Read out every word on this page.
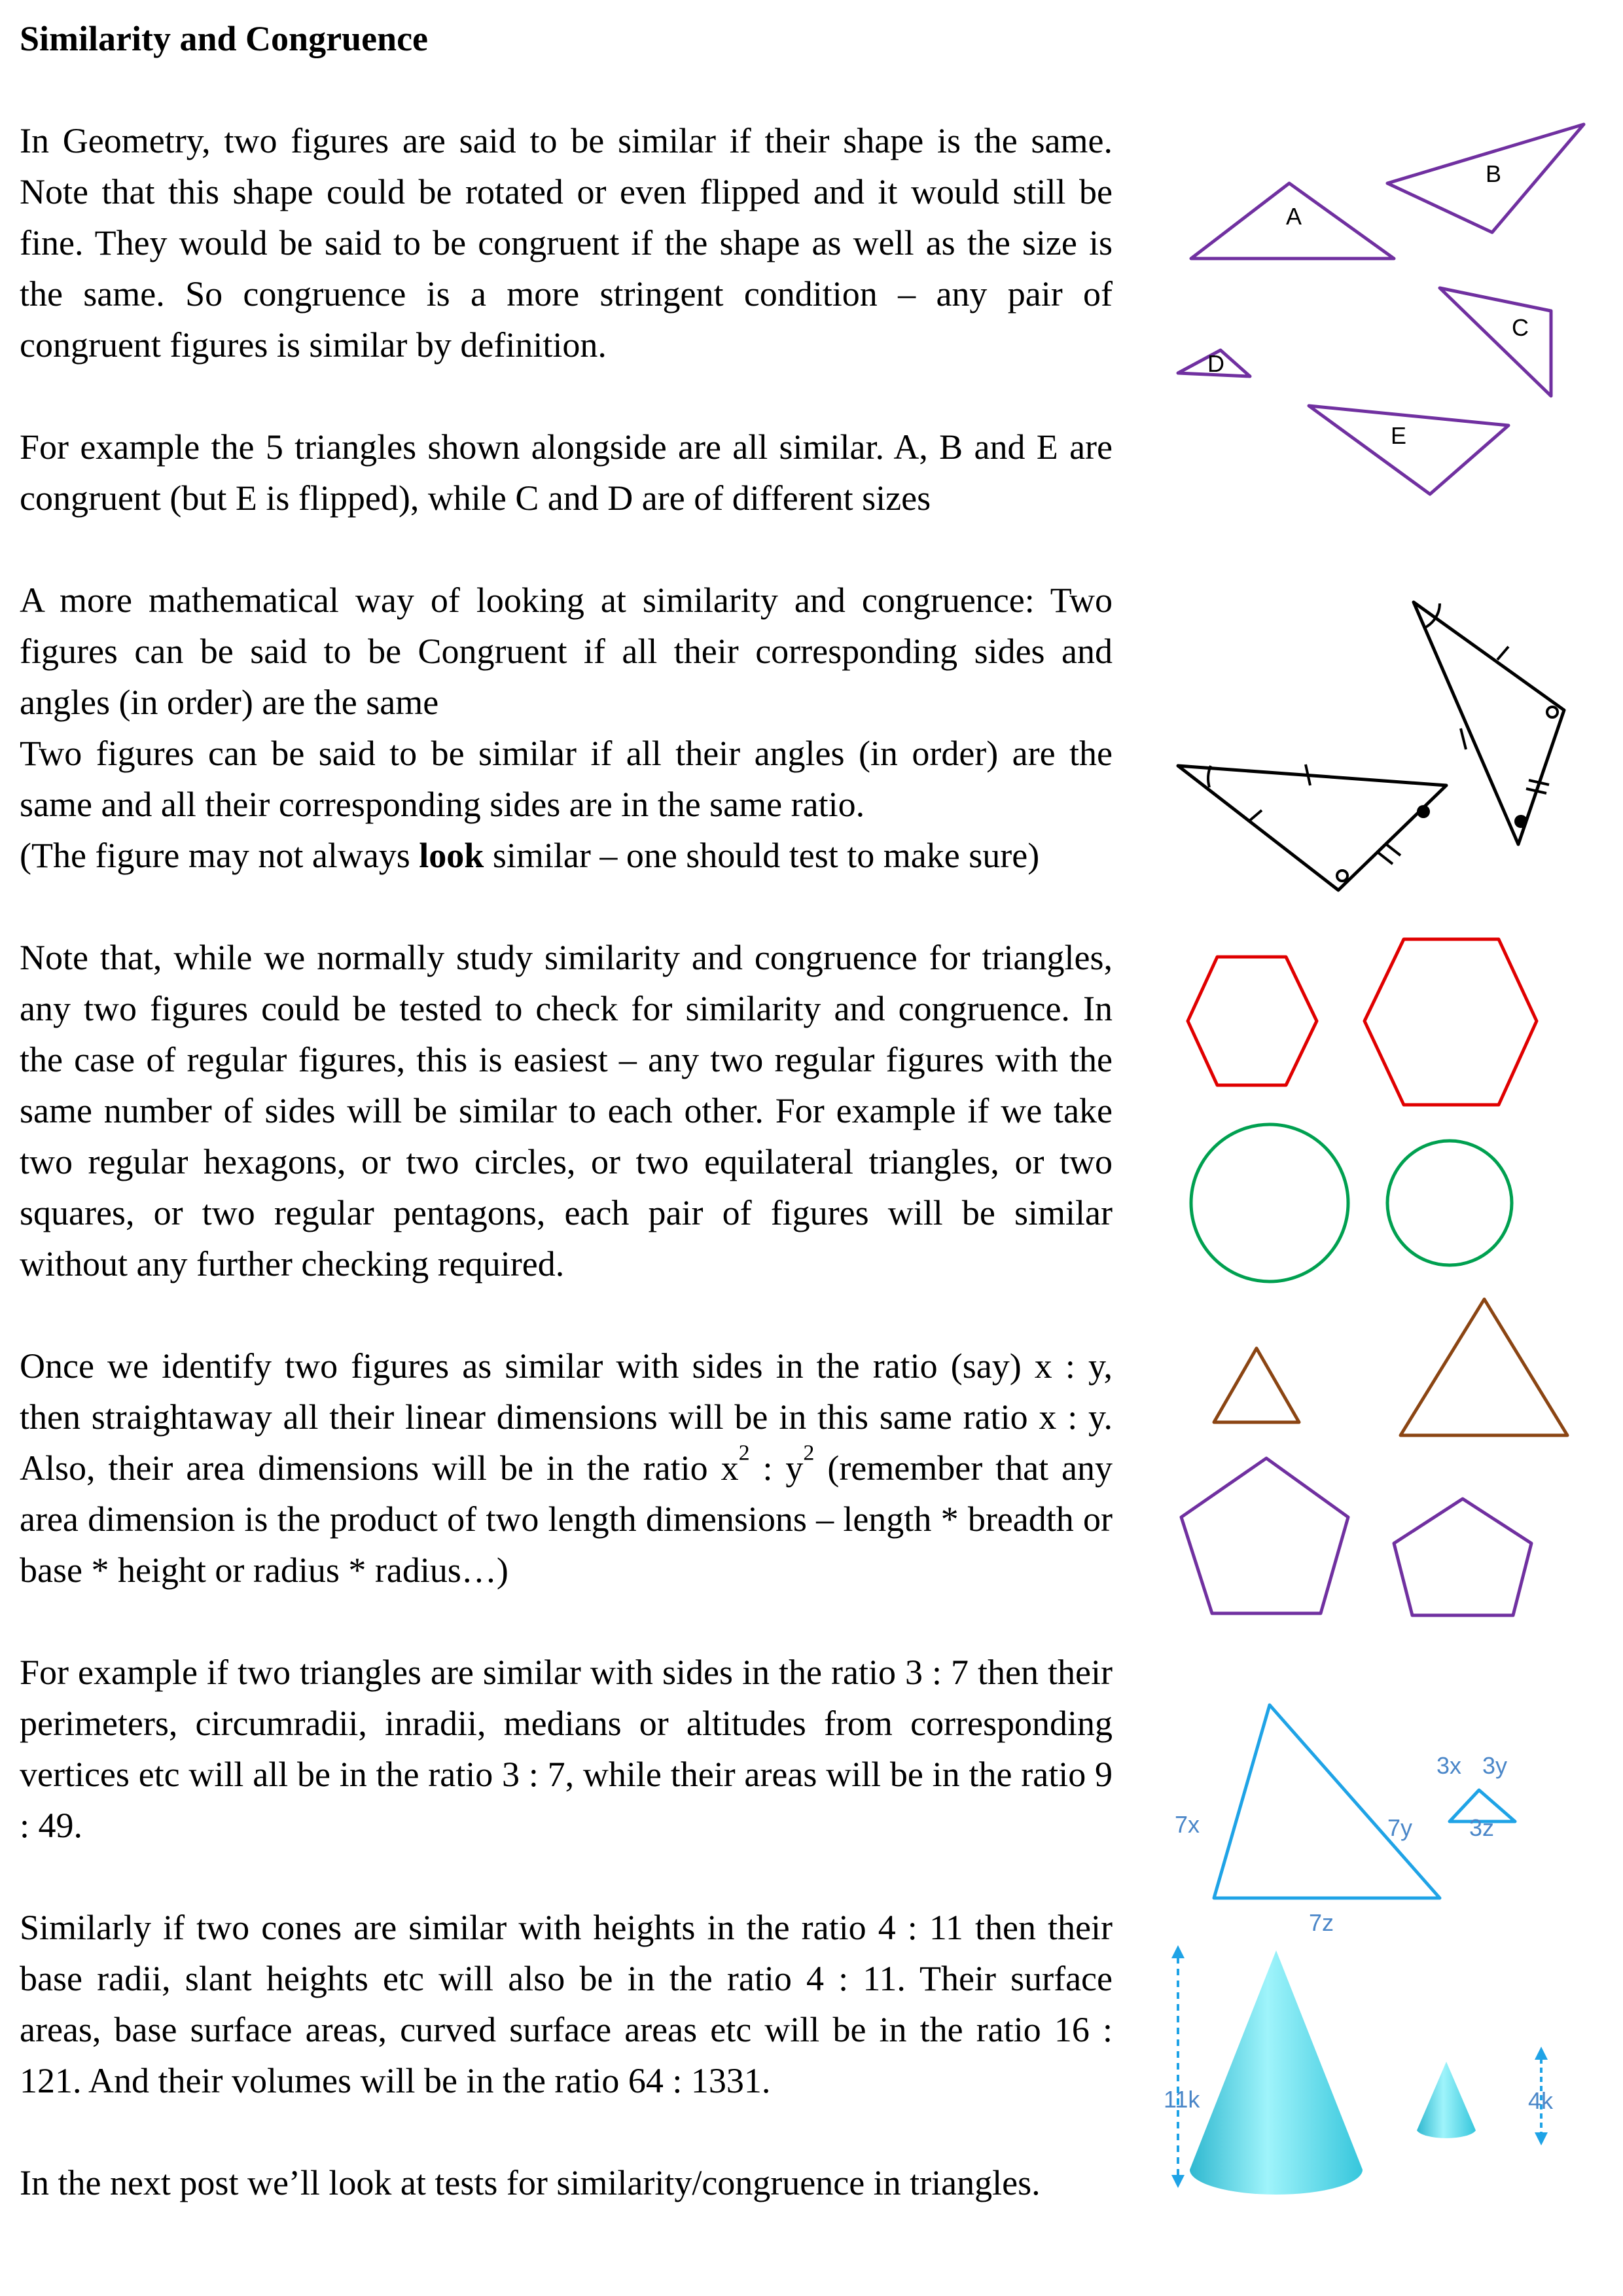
Similarity and Congruence

In Geometry, two figures are said to be similar if their shape is the same. Note that this shape could be rotated or even flipped and it would still be fine. They would be said to be congruent if the shape as well as the size is the same. So congruence is a more stringent condition – any pair of congruent figures is similar by definition.

For example the 5 triangles shown alongside are all similar. A, B and E are congruent (but E is flipped), while C and D are of different sizes

A more mathematical way of looking at similarity and congruence: Two figures can be said to be Congruent if all their corresponding sides and angles (in order) are the same

Two figures can be said to be similar if all their angles (in order) are the same and all their corresponding sides are in the same ratio.

(The figure may not always look similar – one should test to make sure)

Note that, while we normally study similarity and congruence for triangles, any two figures could be tested to check for similarity and congruence. In the case of regular figures, this is easiest – any two regular figures with the same number of sides will be similar to each other. For example if we take two regular hexagons, or two circles, or two equilateral triangles, or two squares, or two regular pentagons, each pair of figures will be similar without any further checking required.

Once we identify two figures as similar with sides in the ratio (say) x : y, then straightaway all their linear dimensions will be in this same ratio x : y. Also, their area dimensions will be in the ratio $x^2$ : $y^2$ (remember that any area dimension is the product of two length dimensions – length * breadth or base * height or radius * radius…)

For example if two triangles are similar with sides in the ratio 3 : 7 then their perimeters, circumradii, inradii, medians or altitudes from corresponding vertices etc will all be in the ratio 3 : 7, while their areas will be in the ratio 9 : 49.

Similarly if two cones are similar with heights in the ratio 4 : 11 then their base radii, slant heights etc will also be in the ratio 4 : 11. Their surface areas, base surface areas, curved surface areas etc will be in the ratio 16 : 121. And their volumes will be in the ratio 64 : 1331.

In the next post we’ll look at tests for similarity/congruence in triangles.

A
B
C
D
E
7x	7y
7z
3x 3y
3z
11k	4k
